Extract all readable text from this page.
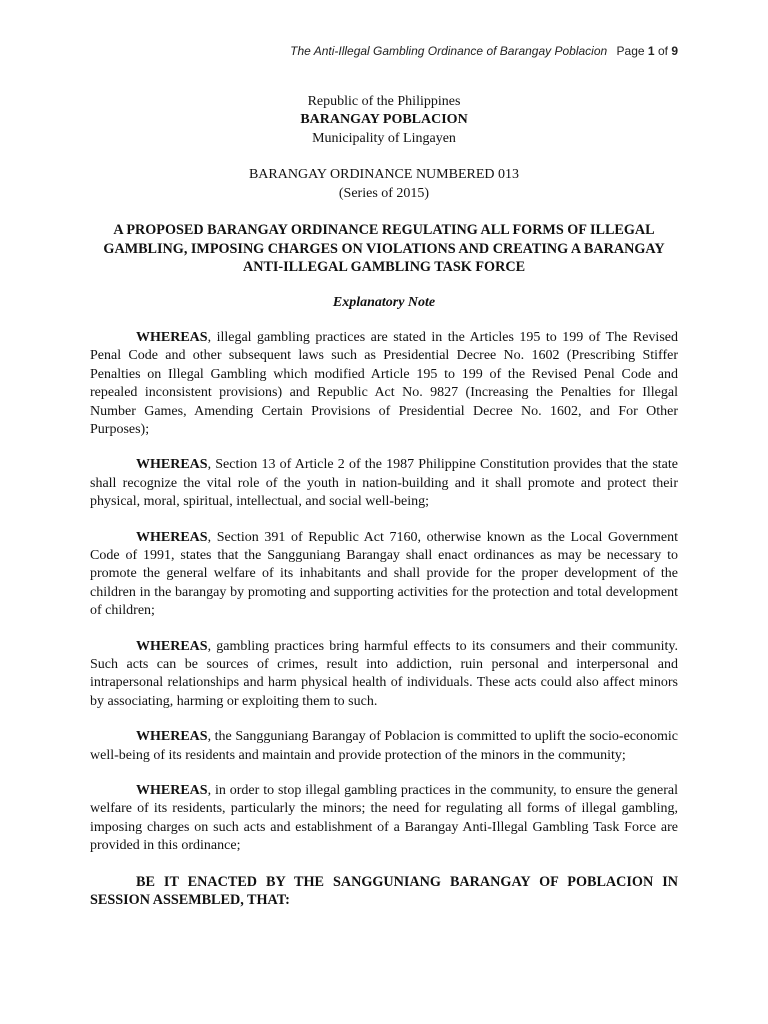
The Anti-Illegal Gambling Ordinance of Barangay Poblacion Page 1 of 9
Republic of the Philippines
BARANGAY POBLACION
Municipality of Lingayen
BARANGAY ORDINANCE NUMBERED 013
(Series of 2015)
A PROPOSED BARANGAY ORDINANCE REGULATING ALL FORMS OF ILLEGAL GAMBLING, IMPOSING CHARGES ON VIOLATIONS AND CREATING A BARANGAY ANTI-ILLEGAL GAMBLING TASK FORCE
Explanatory Note
WHEREAS, illegal gambling practices are stated in the Articles 195 to 199 of The Revised Penal Code and other subsequent laws such as Presidential Decree No. 1602 (Prescribing Stiffer Penalties on Illegal Gambling which modified Article 195 to 199 of the Revised Penal Code and repealed inconsistent provisions) and Republic Act No. 9827 (Increasing the Penalties for Illegal Number Games, Amending Certain Provisions of Presidential Decree No. 1602, and For Other Purposes);
WHEREAS, Section 13 of Article 2 of the 1987 Philippine Constitution provides that the state shall recognize the vital role of the youth in nation-building and it shall promote and protect their physical, moral, spiritual, intellectual, and social well-being;
WHEREAS, Section 391 of Republic Act 7160, otherwise known as the Local Government Code of 1991, states that the Sangguniang Barangay shall enact ordinances as may be necessary to promote the general welfare of its inhabitants and shall provide for the proper development of the children in the barangay by promoting and supporting activities for the protection and total development of children;
WHEREAS, gambling practices bring harmful effects to its consumers and their community. Such acts can be sources of crimes, result into addiction, ruin personal and interpersonal and intrapersonal relationships and harm physical health of individuals. These acts could also affect minors by associating, harming or exploiting them to such.
WHEREAS, the Sangguniang Barangay of Poblacion is committed to uplift the socio-economic well-being of its residents and maintain and provide protection of the minors in the community;
WHEREAS, in order to stop illegal gambling practices in the community, to ensure the general welfare of its residents, particularly the minors; the need for regulating all forms of illegal gambling, imposing charges on such acts and establishment of a Barangay Anti-Illegal Gambling Task Force are provided in this ordinance;
BE IT ENACTED BY THE SANGGUNIANG BARANGAY OF POBLACION IN SESSION ASSEMBLED, THAT:
